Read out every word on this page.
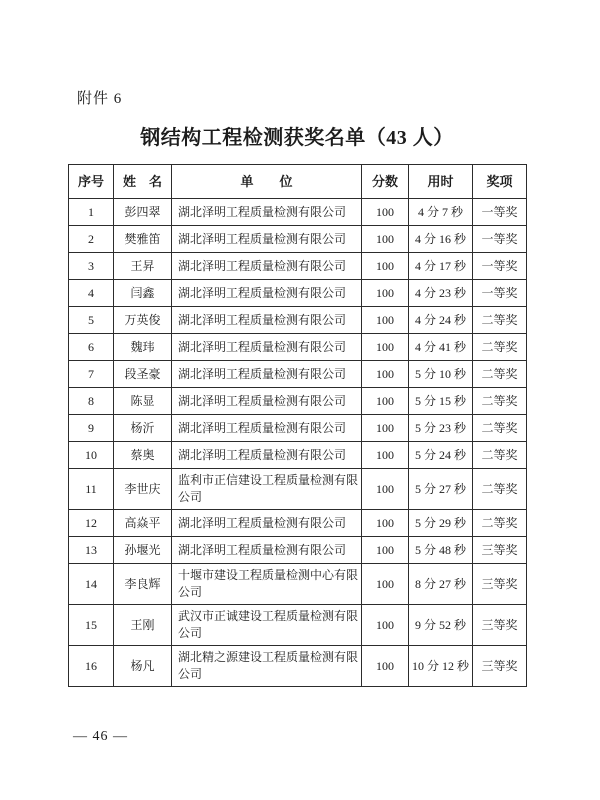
附件 6
钢结构工程检测获奖名单（43 人）
序号	姓　名	单　　位	分数	用时	奖项
1	彭四翠	湖北泽明工程质量检测有限公司	100	4 分 7 秒	一等奖
2	樊雅笛	湖北泽明工程质量检测有限公司	100	4 分 16 秒	一等奖
3	王昇	湖北泽明工程质量检测有限公司	100	4 分 17 秒	一等奖
4	闫鑫	湖北泽明工程质量检测有限公司	100	4 分 23 秒	一等奖
5	万英俊	湖北泽明工程质量检测有限公司	100	4 分 24 秒	二等奖
6	魏玮	湖北泽明工程质量检测有限公司	100	4 分 41 秒	二等奖
7	段圣豪	湖北泽明工程质量检测有限公司	100	5 分 10 秒	二等奖
8	陈显	湖北泽明工程质量检测有限公司	100	5 分 15 秒	二等奖
9	杨沂	湖北泽明工程质量检测有限公司	100	5 分 23 秒	二等奖
10	蔡奥	湖北泽明工程质量检测有限公司	100	5 分 24 秒	二等奖
11	李世庆	监利市正信建设工程质量检测有限公司	100	5 分 27 秒	二等奖
12	高焱平	湖北泽明工程质量检测有限公司	100	5 分 29 秒	二等奖
13	孙堰光	湖北泽明工程质量检测有限公司	100	5 分 48 秒	三等奖
14	李良辉	十堰市建设工程质量检测中心有限公司	100	8 分 27 秒	三等奖
15	王刚	武汉市正诚建设工程质量检测有限公司	100	9 分 52 秒	三等奖
16	杨凡	湖北精之源建设工程质量检测有限公司	100	10 分 12 秒	三等奖
— 46 —
